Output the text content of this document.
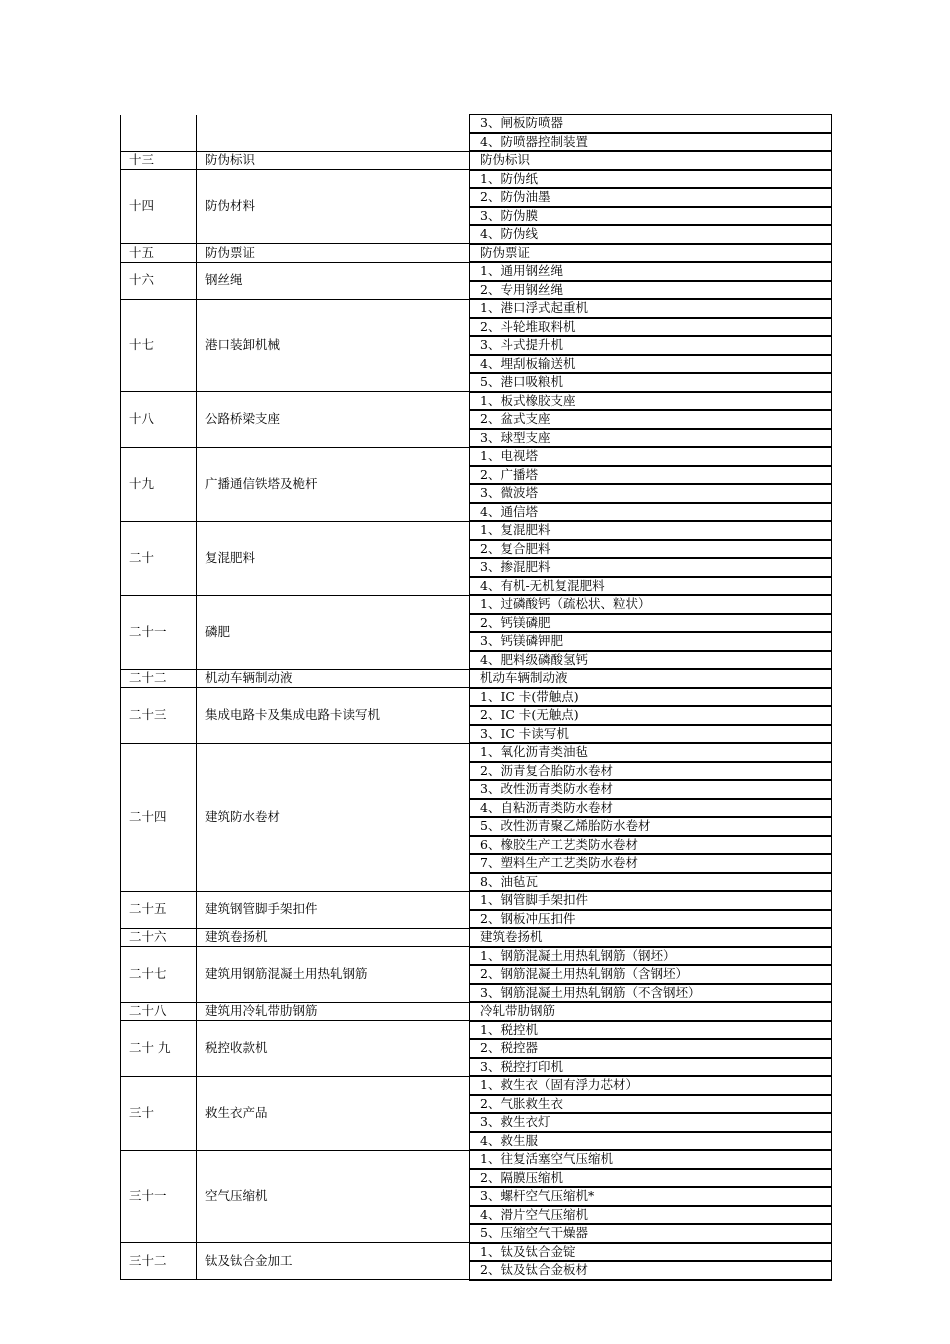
		3、闸板防喷器
		4、防喷器控制装置
十三	防伪标识	防伪标识
十四	防伪材料	1、防伪纸
		2、防伪油墨
		3、防伪膜
		4、防伪线
十五	防伪票证	防伪票证
十六	钢丝绳	1、通用钢丝绳
		2、专用钢丝绳
十七	港口装卸机械	1、港口浮式起重机
		2、斗轮堆取料机
		3、斗式提升机
		4、埋刮板输送机
		5、港口吸粮机
十八	公路桥梁支座	1、板式橡胶支座
		2、盆式支座
		3、球型支座
十九	广播通信铁塔及桅杆	1、电视塔
		2、广播塔
		3、微波塔
		4、通信塔
二十	复混肥料	1、复混肥料
		2、复合肥料
		3、掺混肥料
		4、有机-无机复混肥料
二十一	磷肥	1、过磷酸钙（疏松状、粒状）
		2、钙镁磷肥
		3、钙镁磷钾肥
		4、肥料级磷酸氢钙
二十二	机动车辆制动液	机动车辆制动液
二十三	集成电路卡及集成电路卡读写机	1、IC 卡(带触点)
		2、IC 卡(无触点)
		3、IC 卡读写机
二十四	建筑防水卷材	1、氧化沥青类油毡
		2、沥青复合胎防水卷材
		3、改性沥青类防水卷材
		4、自粘沥青类防水卷材
		5、改性沥青聚乙烯胎防水卷材
		6、橡胶生产工艺类防水卷材
		7、塑料生产工艺类防水卷材
		8、油毡瓦
二十五	建筑钢管脚手架扣件	1、钢管脚手架扣件
		2、钢板冲压扣件
二十六	建筑卷扬机	建筑卷扬机
二十七	建筑用钢筋混凝土用热轧钢筋	1、钢筋混凝土用热轧钢筋（钢坯）
		2、钢筋混凝土用热轧钢筋（含钢坯）
		3、钢筋混凝土用热轧钢筋（不含钢坯）
二十八	建筑用冷轧带肋钢筋	冷轧带肋钢筋
二十 九	税控收款机	1、税控机
		2、税控器
		3、税控打印机
三十	救生衣产品	1、救生衣（固有浮力芯材）
		2、气胀救生衣
		3、救生衣灯
		4、救生服
三十一	空气压缩机	1、往复活塞空气压缩机
		2、隔膜压缩机
		3、螺杆空气压缩机*
		4、滑片空气压缩机
		5、压缩空气干燥器
三十二	钛及钛合金加工	1、钛及钛合金锭
		2、钛及钛合金板材
